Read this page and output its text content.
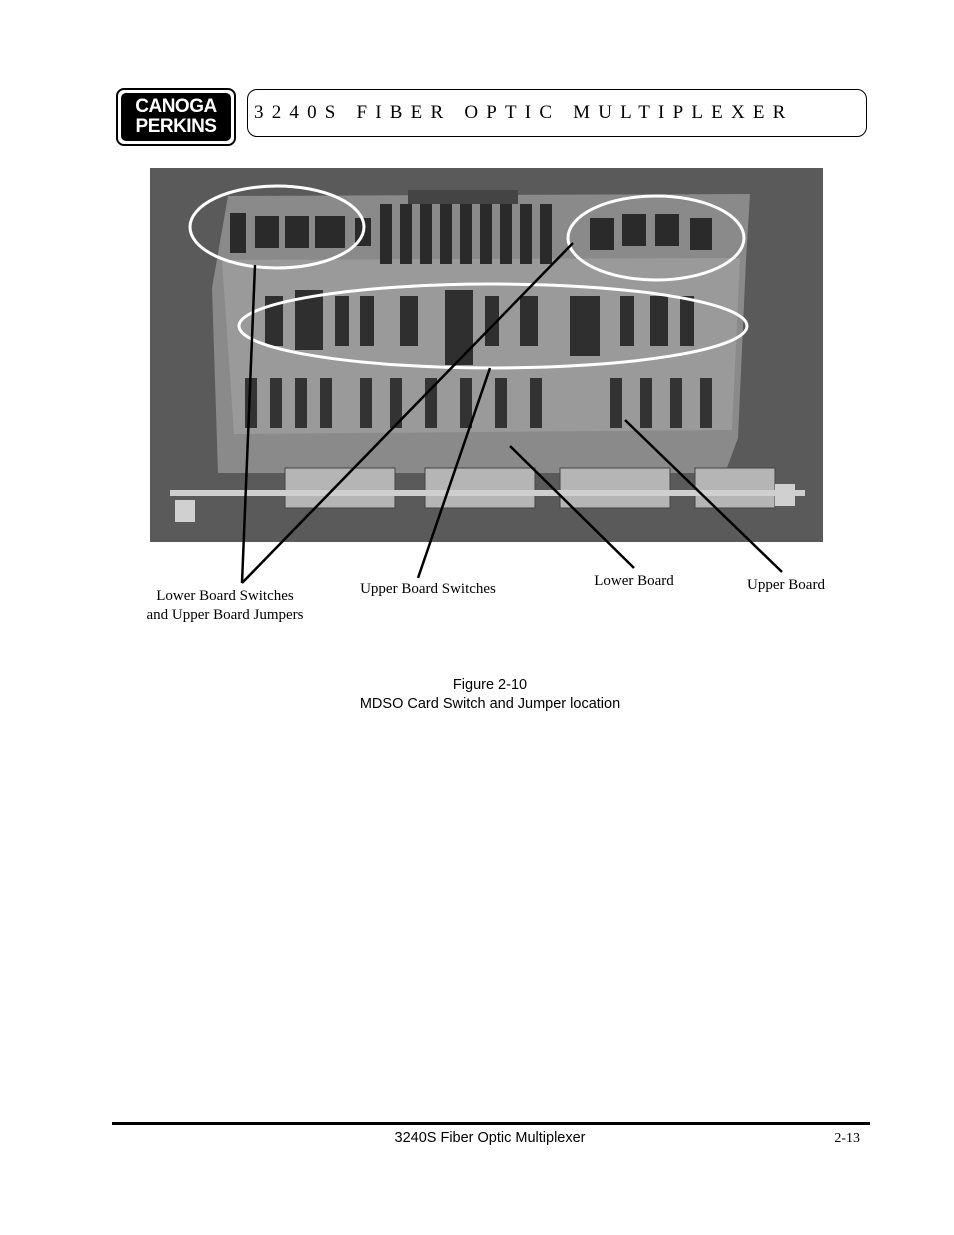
CANOGA
PERKINS
3240S FIBER OPTIC MULTIPLEXER
Lower Board Switches
and Upper Board Jumpers
Upper Board Switches	Lower Board	Upper Board
Figure 2-10
MDSO Card Switch and Jumper location
3240S Fiber Optic Multiplexer	2-13
